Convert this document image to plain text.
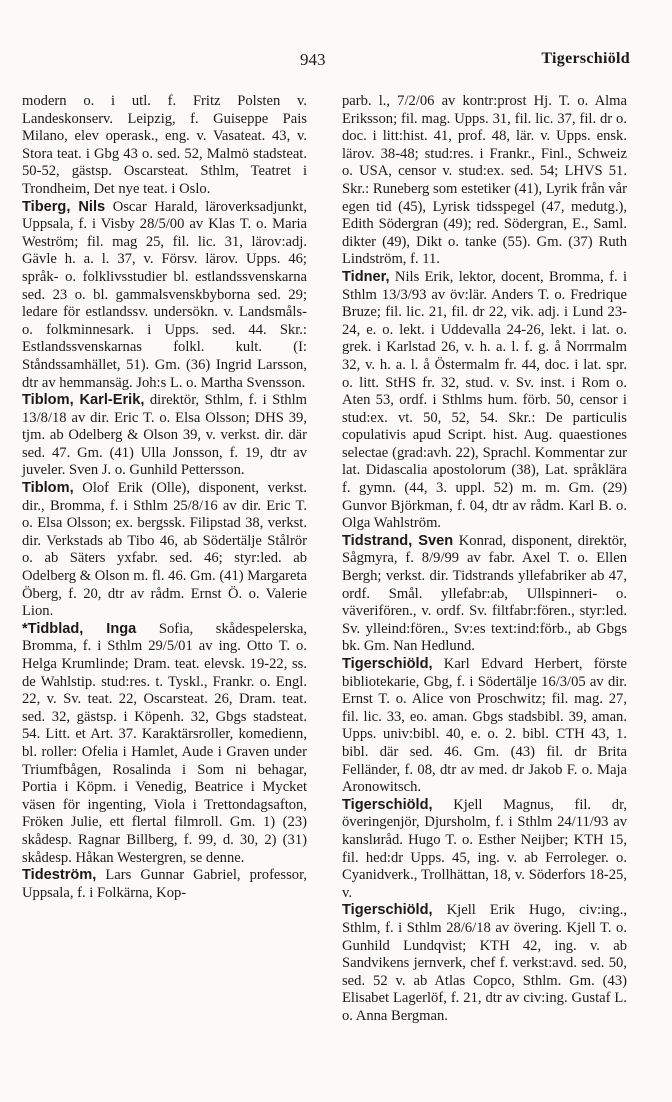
943	Tigerschiöld

modern o. i utl. f. Fritz Polsten v. Landeskonserv. Leipzig, f. Guiseppe Pais Milano, elev operask., eng. v. Vasateat. 43, v. Stora teat. i Gbg 43 o. sed. 52, Malmö stadsteat. 50-52, gästsp. Oscarsteat. Sthlm, Teatret i Trondheim, Det nye teat. i Oslo.

Tiberg, Nils Oscar Harald, läroverksadjunkt, Uppsala, f. i Visby 28/5/00 av Klas T. o. Maria Weström; fil. mag 25, fil. lic. 31, lärov:adj. Gävle h. a. l. 37, v. Försv. lärov. Upps. 46; språk- o. folklivsstudier bl. estlandssvenskarna sed. 23 o. bl. gammalsvenskbyborna sed. 29; ledare för estlandssv. undersökn. v. Landsmåls- o. folkminnesark. i Upps. sed. 44. Skr.: Estlandssvenskarnas folkl. kult. (I: Ståndssamhället, 51). Gm. (36) Ingrid Larsson, dtr av hemmansäg. Joh:s L. o. Martha Svensson.

Tiblom, Karl-Erik, direktör, Sthlm, f. i Sthlm 13/8/18 av dir. Eric T. o. Elsa Olsson; DHS 39, tjm. ab Odelberg & Olson 39, v. verkst. dir. där sed. 47. Gm. (41) Ulla Jonsson, f. 19, dtr av juveler. Sven J. o. Gunhild Pettersson.

Tiblom, Olof Erik (Olle), disponent, verkst. dir., Bromma, f. i Sthlm 25/8/16 av dir. Eric T. o. Elsa Olsson; ex. bergssk. Filipstad 38, verkst. dir. Verkstads ab Tibo 46, ab Södertälje Stålrör o. ab Säters yxfabr. sed. 46; styr:led. ab Odelberg & Olson m. fl. 46. Gm. (41) Margareta Öberg, f. 20, dtr av rådm. Ernst Ö. o. Valerie Lion.

*Tidblad, Inga Sofia, skådespelerska, Bromma, f. i Sthlm 29/5/01 av ing. Otto T. o. Helga Krumlinde; Dram. teat. elevsk. 19-22, ss. de Wahlstip. stud:res. t. Tyskl., Frankr. o. Engl. 22, v. Sv. teat. 22, Oscarsteat. 26, Dram. teat. sed. 32, gästsp. i Köpenh. 32, Gbgs stadsteat. 54. Litt. et Art. 37. Karaktärsroller, komedienn, bl. roller: Ofelia i Hamlet, Aude i Graven under Triumfbågen, Rosalinda i Som ni behagar, Portia i Köpm. i Venedig, Beatrice i Mycket väsen för ingenting, Viola i Trettondagsafton, Fröken Julie, ett flertal filmroll. Gm. 1) (23) skådesp. Ragnar Billberg, f. 99, d. 30, 2) (31) skådesp. Håkan Westergren, se denne.

Tideström, Lars Gunnar Gabriel, professor, Uppsala, f. i Folkärna, Kop-

parb. l., 7/2/06 av kontr:prost Hj. T. o. Alma Eriksson; fil. mag. Upps. 31, fil. lic. 37, fil. dr o. doc. i litt:hist. 41, prof. 48, lär. v. Upps. ensk. lärov. 38-48; stud:res. i Frankr., Finl., Schweiz o. USA, censor v. stud:ex. sed. 54; LHVS 51. Skr.: Runeberg som estetiker (41), Lyrik från vår egen tid (45), Lyrisk tidsspegel (47, medutg.), Edith Södergran (49); red. Södergran, E., Saml. dikter (49), Dikt o. tanke (55). Gm. (37) Ruth Lindström, f. 11.

Tidner, Nils Erik, lektor, docent, Bromma, f. i Sthlm 13/3/93 av öv:lär. Anders T. o. Fredrique Bruze; fil. lic. 21, fil. dr 22, vik. adj. i Lund 23-24, e. o. lekt. i Uddevalla 24-26, lekt. i lat. o. grek. i Karlstad 26, v. h. a. l. f. g. å Norrmalm 32, v. h. a. l. å Östermalm fr. 44, doc. i lat. spr. o. litt. StHS fr. 32, stud. v. Sv. inst. i Rom o. Aten 53, ordf. i Sthlms hum. förb. 50, censor i stud:ex. vt. 50, 52, 54. Skr.: De particulis copulativis apud Script. hist. Aug. quaestiones selectae (grad:avh. 22), Sprachl. Kommentar zur lat. Didascalia apostolorum (38), Lat. språklära f. gymn. (44, 3. uppl. 52) m. m. Gm. (29) Gunvor Björkman, f. 04, dtr av rådm. Karl B. o. Olga Wahlström.

Tidstrand, Sven Konrad, disponent, direktör, Sågmyra, f. 8/9/99 av fabr. Axel T. o. Ellen Bergh; verkst. dir. Tidstrands yllefabriker ab 47, ordf. Smål. yllefabr:ab, Ullspinneri- o. väverifören., v. ordf. Sv. filtfabr:fören., styr:led. Sv. ylleind:fören., Sv:es text:ind:förb., ab Gbgs bk. Gm. Nan Hedlund.

Tigerschiöld, Karl Edvard Herbert, förste bibliotekarie, Gbg, f. i Södertälje 16/3/05 av dir. Ernst T. o. Alice von Proschwitz; fil. mag. 27, fil. lic. 33, eo. aman. Gbgs stadsbibl. 39, aman. Upps. univ:bibl. 40, e. o. 2. bibl. CTH 43, 1. bibl. där sed. 46. Gm. (43) fil. dr Brita Felländer, f. 08, dtr av med. dr Jakob F. o. Maja Aronowitsch.

Tigerschiöld, Kjell Magnus, fil. dr, överingenjör, Djursholm, f. i Sthlm 24/11/93 av kanslиråd. Hugo T. o. Esther Neijber; KTH 15, fil. hed:dr Upps. 45, ing. v. ab Ferroleger. o. Cyanidverk., Trollhättan, 18, v. Söderfors 18-25, v.

Tigerschiöld, Kjell Erik Hugo, civ:ing., Sthlm, f. i Sthlm 28/6/18 av övering. Kjell T. o. Gunhild Lundqvist; KTH 42, ing. v. ab Sandvikens jernverk, chef f. verkst:avd. sed. 50, sed. 52 v. ab Atlas Copco, Sthlm. Gm. (43) Elisabet Lagerlöf, f. 21, dtr av civ:ing. Gustaf L. o. Anna Bergman.
